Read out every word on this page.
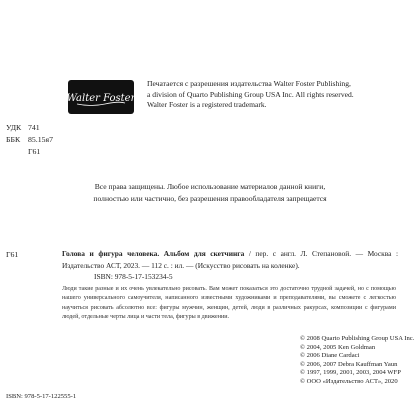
Walter Foster
Печатается с разрешения издательства Walter Foster Publishing,
a division of Quarto Publishing Group USA Inc. All rights reserved.
Walter Foster is a registered trademark.
УДК 741
ББК 85.15я7
Г61
Все права защищены. Любое использование материалов данной книги,
полностью или частично, без разрешения правообладателя запрещается
Г61	Голова и фигура человека. Альбом для скетчинга / пер. с англ. Л. Степановой. — Москва : Издательство АСТ, 2023. — 112 с. : ил. — (Искусство рисовать на коленке).
ISBN: 978-5-17-153234-5
Люди такие разные и их очень увлекательно рисовать. Вам может показаться это достаточно трудной задачей, но с помощью нашего универсального самоучителя, написанного известными художниками и преподавателями, вы сможете с легкостью научиться рисовать абсолютно все: фигуры мужчин, женщин, детей, люди в различных ракурсах, композиции с фигурами людей, отдельные черты лица и части тела, фигуры в движении.
© 2008 Quarto Publishing Group USA Inc.
© 2004, 2005 Ken Goldman
© 2006 Diane Cardaci
© 2006, 2007 Debra Kauffman Yaun
© 1997, 1999, 2001, 2003, 2004 WFP
© ООО «Издательство АСТ», 2020
ISBN: 978-5-17-122555-1
